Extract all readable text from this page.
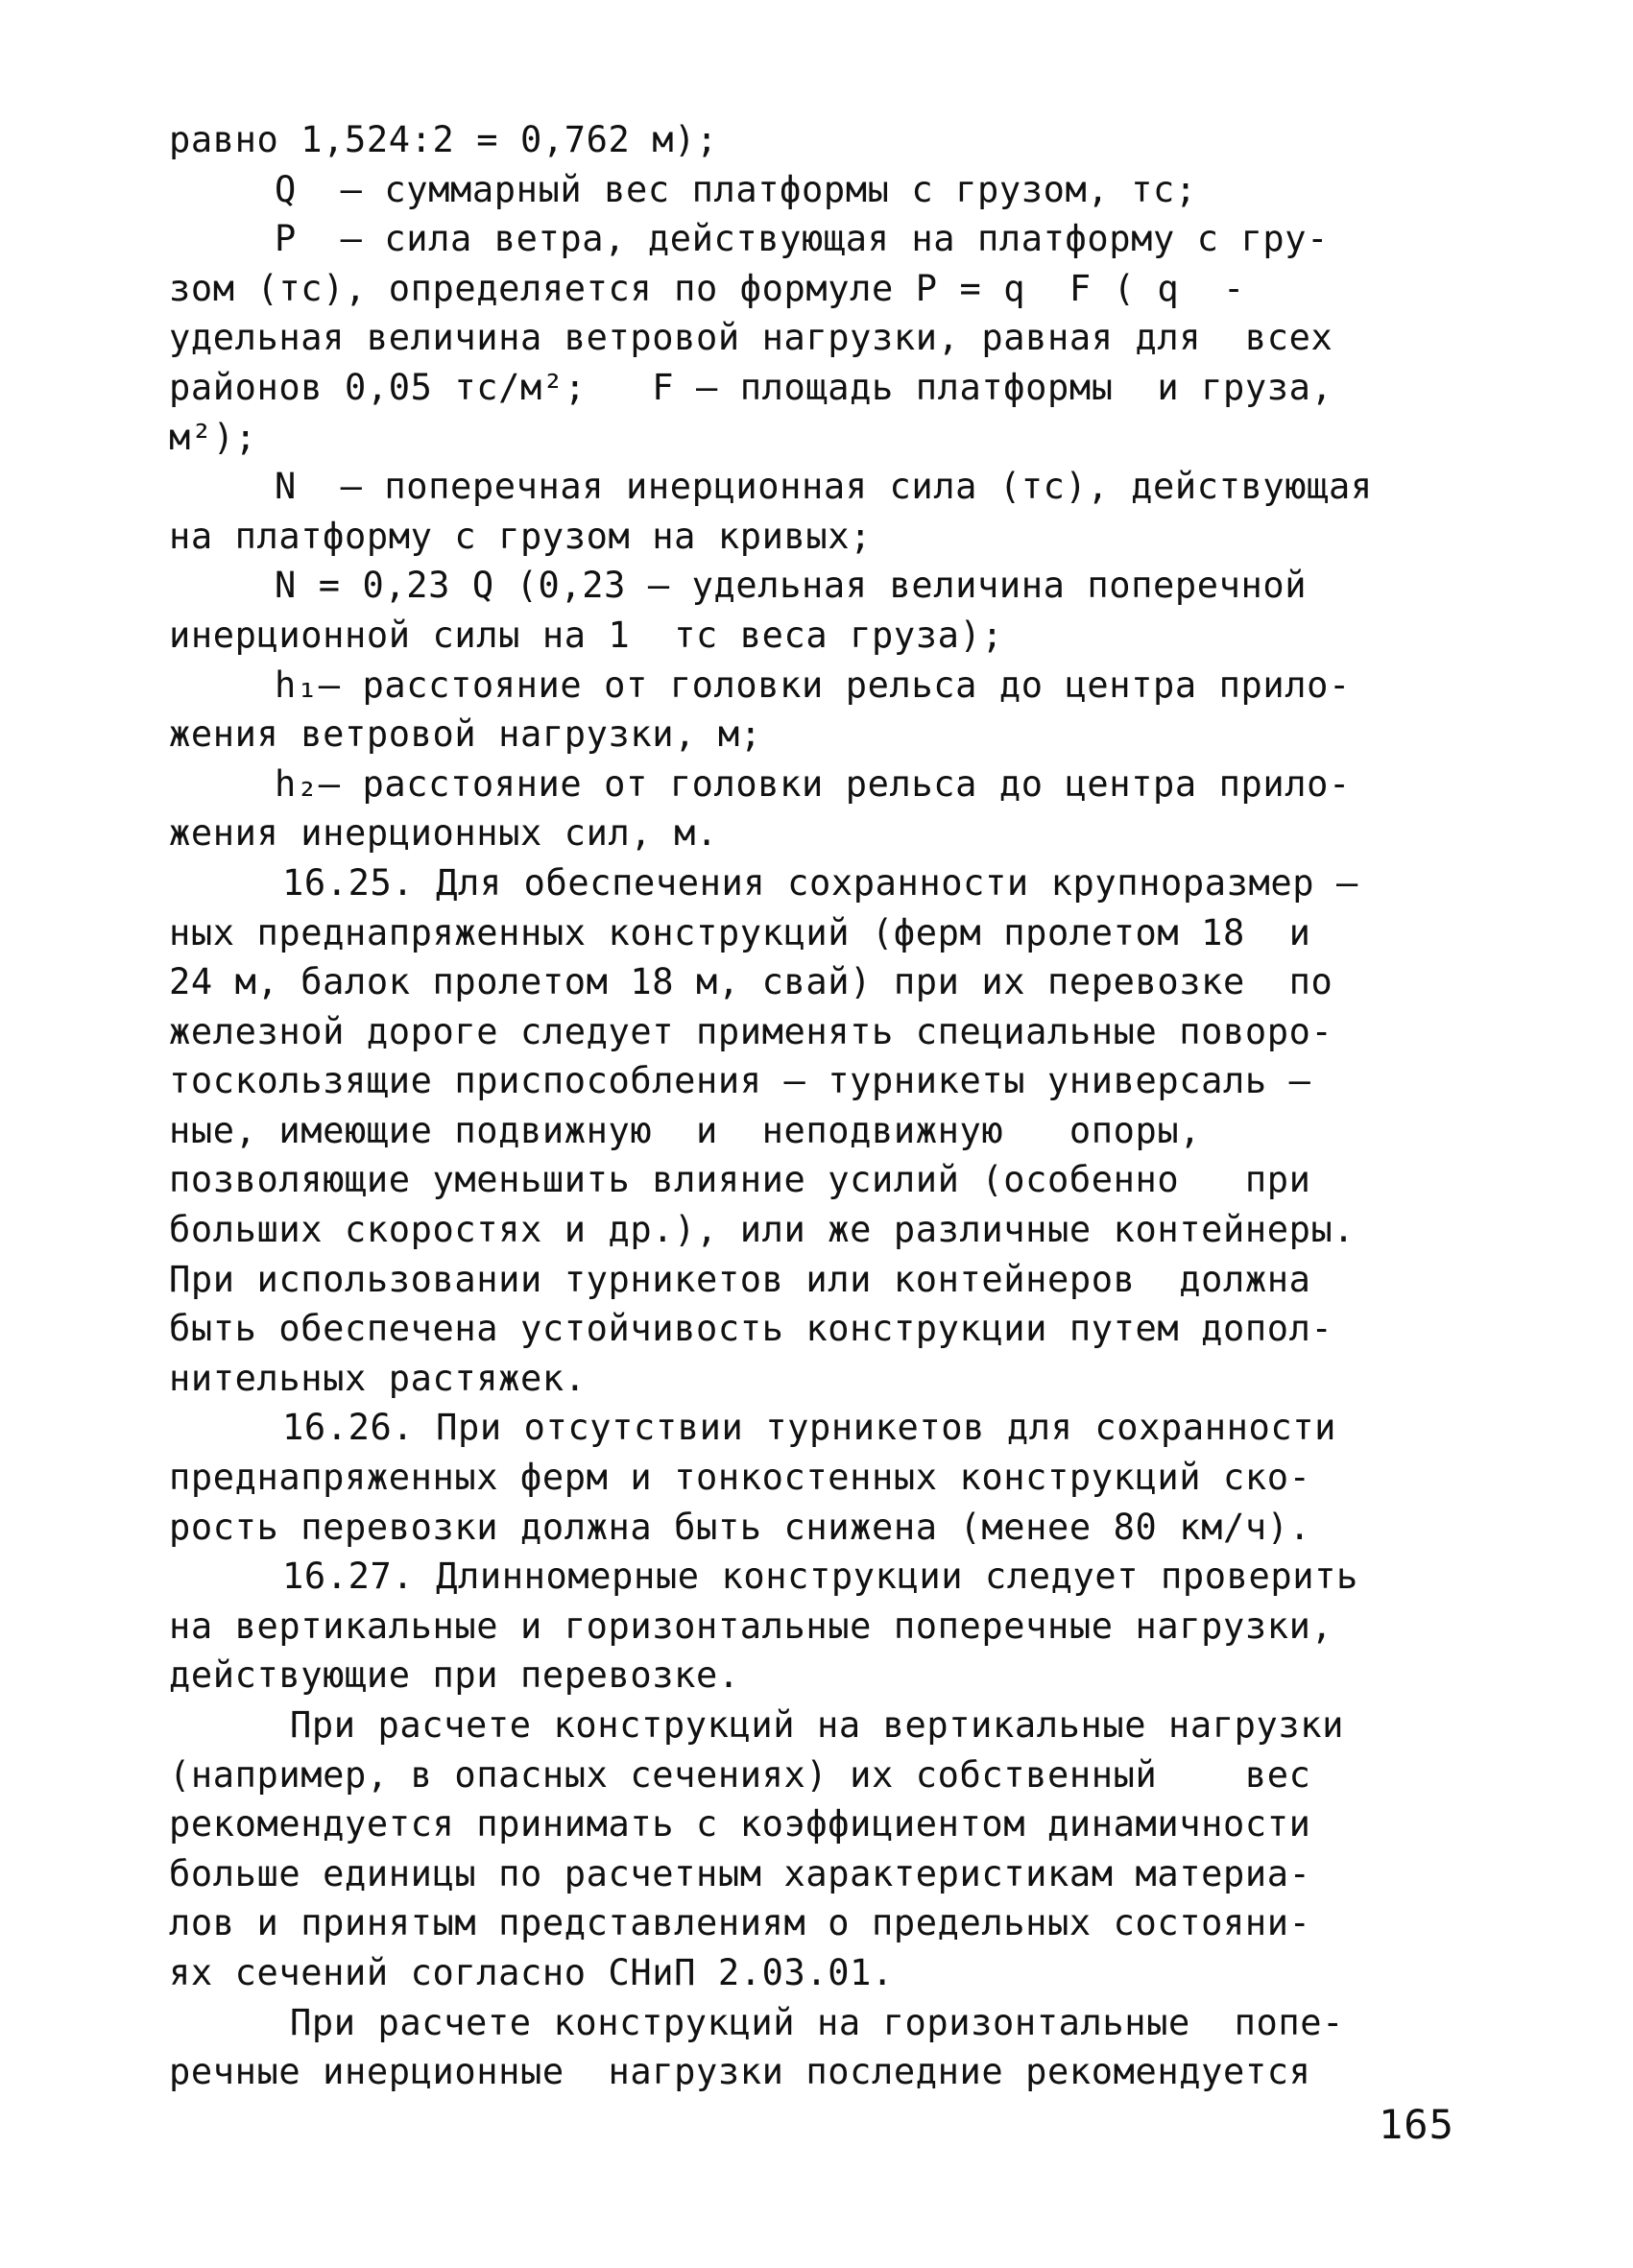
равно 1,524:2 = 0,762 м);
Q  – суммарный вес платформы с грузом, тс;
P  – сила ветра, действующая на платформу с гру-
зом (тс), определяется по формуле P = q  F ( q  -
удельная величина ветровой нагрузки, равная для  всех
районов 0,05 тс/м²;   F – площадь платформы  и груза,
м²);
N  – поперечная инерционная сила (тс), действующая
на платформу с грузом на кривых;
N = 0,23 Q (0,23 – удельная величина поперечной
инерционной силы на 1  тс веса груза);
h₁– расстояние от головки рельса до центра прило-
жения ветровой нагрузки, м;
h₂– расстояние от головки рельса до центра прило-
жения инерционных сил, м.
16.25. Для обеспечения сохранности крупноразмер –
ных преднапряженных конструкций (ферм пролетом 18  и
24 м, балок пролетом 18 м, свай) при их перевозке  по
железной дороге следует применять специальные поворо-
тоскользящие приспособления – турникеты универсаль –
ные, имеющие подвижную  и  неподвижную   опоры,
позволяющие уменьшить влияние усилий (особенно   при
больших скоростях и др.), или же различные контейнеры.
При использовании турникетов или контейнеров  должна
быть обеспечена устойчивость конструкции путем допол-
нительных растяжек.
16.26. При отсутствии турникетов для сохранности
преднапряженных ферм и тонкостенных конструкций ско-
рость перевозки должна быть снижена (менее 80 км/ч).
16.27. Длинномерные конструкции следует проверить
на вертикальные и горизонтальные поперечные нагрузки,
действующие при перевозке.
При расчете конструкций на вертикальные нагрузки
(например, в опасных сечениях) их собственный    вес
рекомендуется принимать с коэффициентом динамичности
больше единицы по расчетным характеристикам материа-
лов и принятым представлениям о предельных состояни-
ях сечений согласно СНиП 2.03.01.
При расчете конструкций на горизонтальные  попе-
речные инерционные  нагрузки последние рекомендуется
165
